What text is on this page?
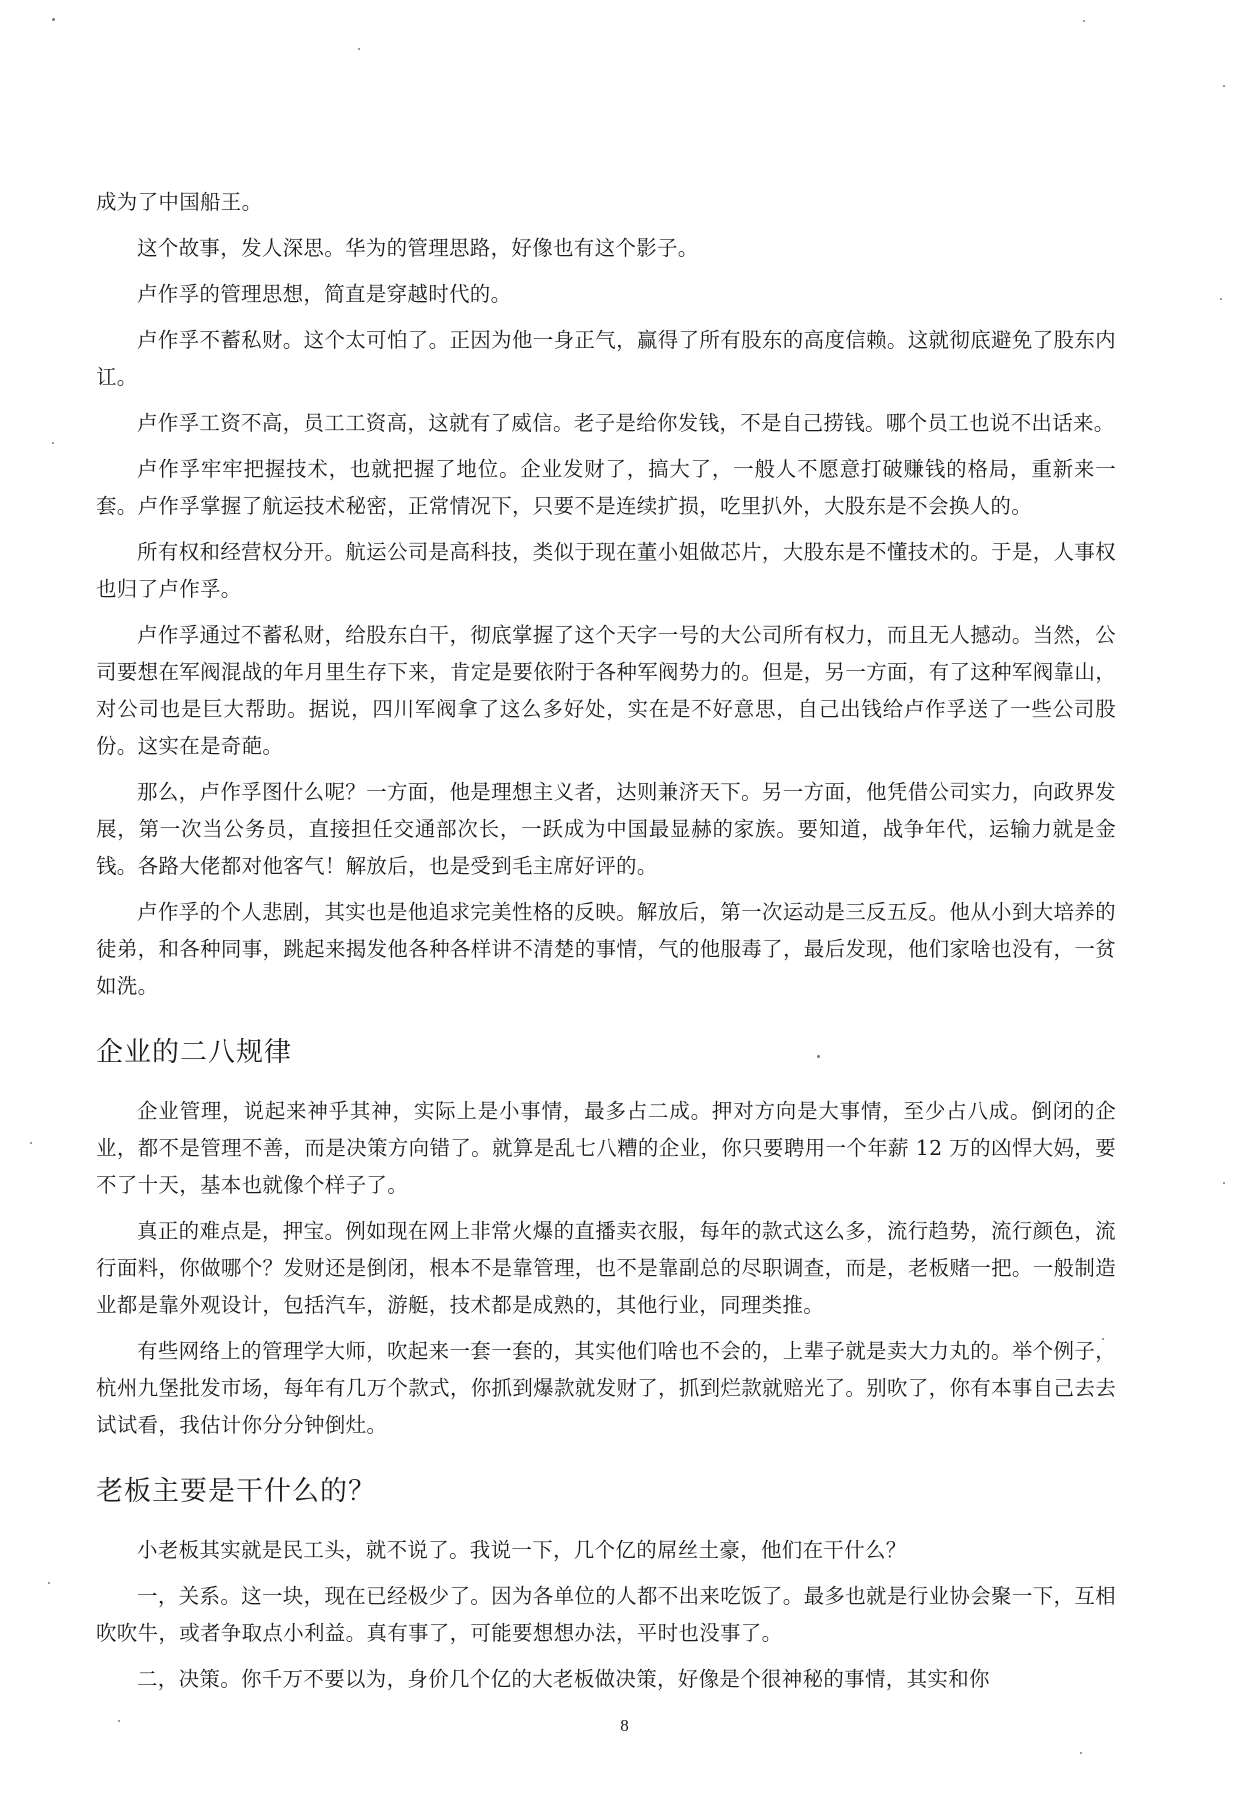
成为了中国船王。

这个故事，发人深思。华为的管理思路，好像也有这个影子。

卢作孚的管理思想，简直是穿越时代的。

卢作孚不蓄私财。这个太可怕了。正因为他一身正气，赢得了所有股东的高度信赖。这就彻底避免了股东内讧。

卢作孚工资不高，员工工资高，这就有了威信。老子是给你发钱，不是自己捞钱。哪个员工也说不出话来。

卢作孚牢牢把握技术，也就把握了地位。企业发财了，搞大了，一般人不愿意打破赚钱的格局，重新来一套。卢作孚掌握了航运技术秘密，正常情况下，只要不是连续扩损，吃里扒外，大股东是不会换人的。

所有权和经营权分开。航运公司是高科技，类似于现在董小姐做芯片，大股东是不懂技术的。于是，人事权也归了卢作孚。

卢作孚通过不蓄私财，给股东白干，彻底掌握了这个天字一号的大公司所有权力，而且无人撼动。当然，公司要想在军阀混战的年月里生存下来，肯定是要依附于各种军阀势力的。但是，另一方面，有了这种军阀靠山，对公司也是巨大帮助。据说，四川军阀拿了这么多好处，实在是不好意思，自己出钱给卢作孚送了一些公司股份。这实在是奇葩。

那么，卢作孚图什么呢？一方面，他是理想主义者，达则兼济天下。另一方面，他凭借公司实力，向政界发展，第一次当公务员，直接担任交通部次长，一跃成为中国最显赫的家族。要知道，战争年代，运输力就是金钱。各路大佬都对他客气！解放后，也是受到毛主席好评的。

卢作孚的个人悲剧，其实也是他追求完美性格的反映。解放后，第一次运动是三反五反。他从小到大培养的徒弟，和各种同事，跳起来揭发他各种各样讲不清楚的事情，气的他服毒了，最后发现，他们家啥也没有，一贫如洗。

企业的二八规律

企业管理，说起来神乎其神，实际上是小事情，最多占二成。押对方向是大事情，至少占八成。倒闭的企业，都不是管理不善，而是决策方向错了。就算是乱七八糟的企业，你只要聘用一个年薪 12 万的凶悍大妈，要不了十天，基本也就像个样子了。

真正的难点是，押宝。例如现在网上非常火爆的直播卖衣服，每年的款式这么多，流行趋势，流行颜色，流行面料，你做哪个？发财还是倒闭，根本不是靠管理，也不是靠副总的尽职调查，而是，老板赌一把。一般制造业都是靠外观设计，包括汽车，游艇，技术都是成熟的，其他行业，同理类推。

有些网络上的管理学大师，吹起来一套一套的，其实他们啥也不会的，上辈子就是卖大力丸的。举个例子，杭州九堡批发市场，每年有几万个款式，你抓到爆款就发财了，抓到烂款就赔光了。别吹了，你有本事自己去去试试看，我估计你分分钟倒灶。

老板主要是干什么的？

小老板其实就是民工头，就不说了。我说一下，几个亿的屌丝土豪，他们在干什么？

一，关系。这一块，现在已经极少了。因为各单位的人都不出来吃饭了。最多也就是行业协会聚一下，互相吹吹牛，或者争取点小利益。真有事了，可能要想想办法，平时也没事了。

二，决策。你千万不要以为，身价几个亿的大老板做决策，好像是个很神秘的事情，其实和你

8
